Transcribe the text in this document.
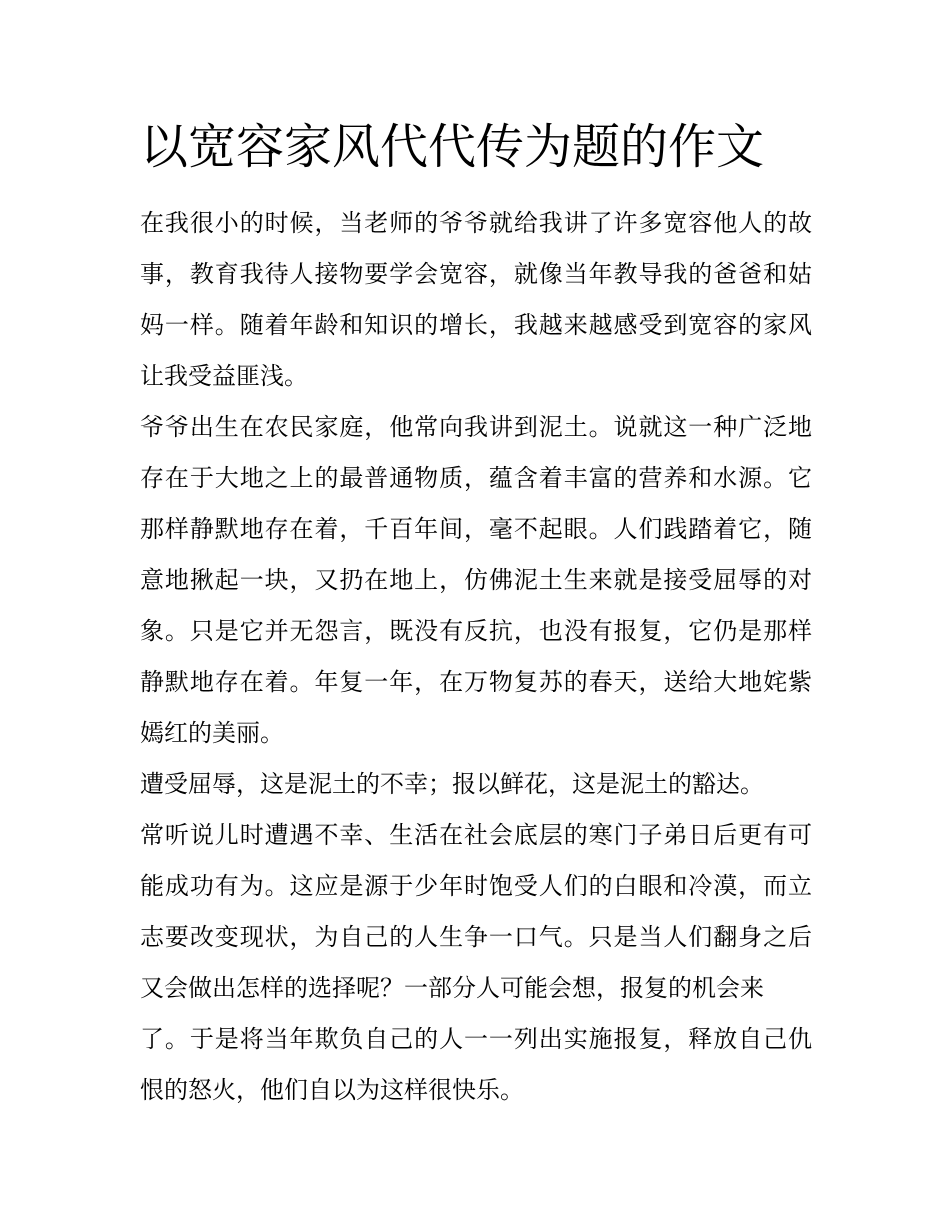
以宽容家风代代传为题的作文
在我很小的时候，当老师的爷爷就给我讲了许多宽容他人的故
事，教育我待人接物要学会宽容，就像当年教导我的爸爸和姑
妈一样。随着年龄和知识的增长，我越来越感受到宽容的家风
让我受益匪浅。
爷爷出生在农民家庭，他常向我讲到泥土。说就这一种广泛地
存在于大地之上的最普通物质，蕴含着丰富的营养和水源。它
那样静默地存在着，千百年间，毫不起眼。人们践踏着它，随
意地揪起一块，又扔在地上，仿佛泥土生来就是接受屈辱的对
象。只是它并无怨言，既没有反抗，也没有报复，它仍是那样
静默地存在着。年复一年，在万物复苏的春天，送给大地姹紫
嫣红的美丽。
遭受屈辱，这是泥土的不幸；报以鲜花，这是泥土的豁达。
常听说儿时遭遇不幸、生活在社会底层的寒门子弟日后更有可
能成功有为。这应是源于少年时饱受人们的白眼和冷漠，而立
志要改变现状，为自己的人生争一口气。只是当人们翻身之后
又会做出怎样的选择呢？一部分人可能会想，报复的机会来
了。于是将当年欺负自己的人一一列出实施报复，释放自己仇
恨的怒火，他们自以为这样很快乐。
